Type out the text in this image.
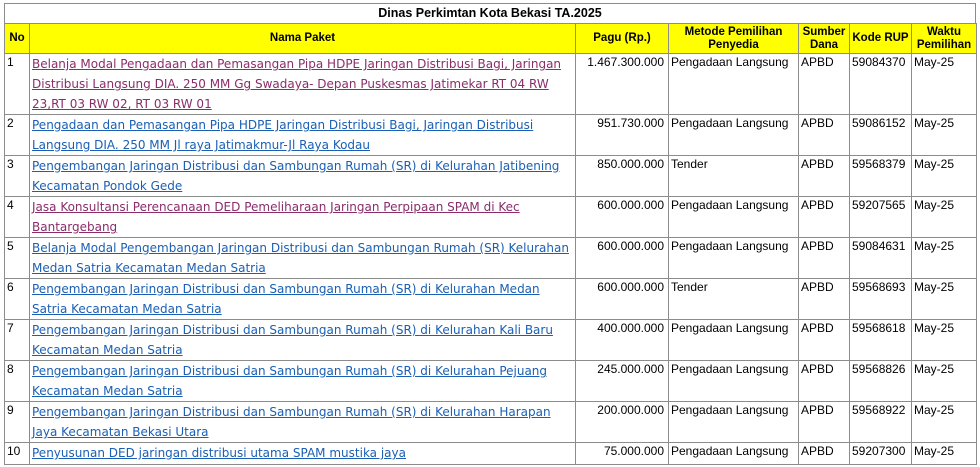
Dinas Perkimtan Kota Bekasi TA.2025
No	Nama Paket	Pagu (Rp.)	Metode Pemilihan Penyedia	Sumber Dana	Kode RUP	Waktu Pemilihan
1	Belanja Modal Pengadaan dan Pemasangan Pipa HDPE Jaringan Distribusi Bagi, Jaringan Distribusi Langsung DIA. 250 MM Gg Swadaya- Depan Puskesmas Jatimekar RT 04 RW 23,RT 03 RW 02, RT 03 RW 01	1.467.300.000	Pengadaan Langsung	APBD	59084370	May-25
2	Pengadaan dan Pemasangan Pipa HDPE Jaringan Distribusi Bagi, Jaringan Distribusi Langsung DIA. 250 MM Jl raya Jatimakmur-Jl Raya Kodau	951.730.000	Pengadaan Langsung	APBD	59086152	May-25
3	Pengembangan Jaringan Distribusi dan Sambungan Rumah (SR) di Kelurahan Jatibening Kecamatan Pondok Gede	850.000.000	Tender	APBD	59568379	May-25
4	Jasa Konsultansi Perencanaan DED Pemeliharaan Jaringan Perpipaan SPAM di Kec Bantargebang	600.000.000	Pengadaan Langsung	APBD	59207565	May-25
5	Belanja Modal Pengembangan Jaringan Distribusi dan Sambungan Rumah (SR) Kelurahan Medan Satria Kecamatan Medan Satria	600.000.000	Pengadaan Langsung	APBD	59084631	May-25
6	Pengembangan Jaringan Distribusi dan Sambungan Rumah (SR) di Kelurahan Medan Satria Kecamatan Medan Satria	600.000.000	Tender	APBD	59568693	May-25
7	Pengembangan Jaringan Distribusi dan Sambungan Rumah (SR) di Kelurahan Kali Baru Kecamatan Medan Satria	400.000.000	Pengadaan Langsung	APBD	59568618	May-25
8	Pengembangan Jaringan Distribusi dan Sambungan Rumah (SR) di Kelurahan Pejuang Kecamatan Medan Satria	245.000.000	Pengadaan Langsung	APBD	59568826	May-25
9	Pengembangan Jaringan Distribusi dan Sambungan Rumah (SR) di Kelurahan Harapan Jaya Kecamatan Bekasi Utara	200.000.000	Pengadaan Langsung	APBD	59568922	May-25
10	Penyusunan DED jaringan distribusi utama SPAM mustika jaya	75.000.000	Pengadaan Langsung	APBD	59207300	May-25
